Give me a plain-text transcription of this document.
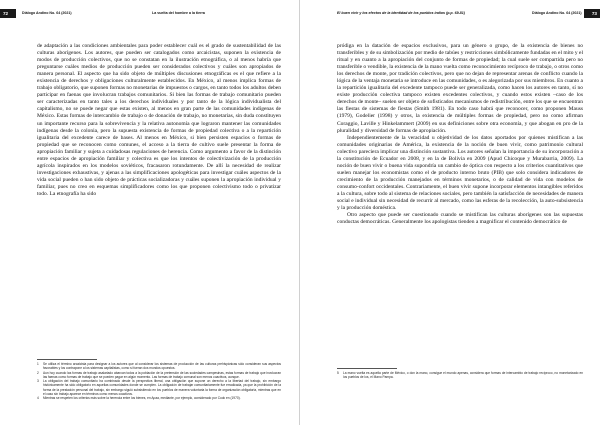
72	Diálogo Andino No. 64 (2021)	La vuelta del hombre a la tierra

de adaptación a las condiciones ambientales para poder establecer cuál es el grado de sustentabilidad de las culturas aborígenes. Los autores, que pueden ser catalogados como arcaicistas, suponen la existencia de modos de producción colectivos, que no se constatan en la ilustración etnográfica, o al menos habría que preguntarse cuáles medios de producción pueden ser considerados colectivos y cuáles son apropiados de manera personal. El aspecto que ha sido objeto de múltiples discusiones etnográficas es el que refiere a la existencia de derechos y obligaciones culturalmente establecidos. En México, al menos implica formas de trabajo obligatorio, que suponen formas no monetarias de impuestos o cargos, en tanto todos los adultos deben participar en faenas que involucran trabajos comunitarios. Si bien las formas de trabajo comunitario pueden ser caracterizadas en tanto tales a los derechos individuales y por tanto de la lógica individualista del capitalismo, no se puede negar que estas existen, al menos en gran parte de las comunidades indígenas de México. Estas formas de intercambio de trabajo o de donación de trabajo, no monetarias, sin duda constituyen un importante recurso para la sobrevivencia y la relativa autonomía que lograron mantener las comunidades indígenas desde la colonia, pero la supuesta existencia de formas de propiedad colectiva o a la repartición igualitaria del excedente carece de bases. Al menos en México, si bien persisten espacios o formas de propiedad que se reconocen como comunes, el acceso a la tierra de cultivo suele presentar la forma de apropiación familiar y sujeta a cuidadosas regulaciones de herencia. Como argumento a favor de la distinción entre espacios de apropiación familiar y colectiva es que los intentos de colectivización de la producción agrícola inspirados en los modelos soviéticos, fracasaron rotundamente. De allí la necesidad de realizar investigaciones exhaustivas, y ajenas a las simplificaciones apologéticas para investigar cuáles aspectos de la vida social pueden o han sido objeto de prácticas socializadoras y cuáles suponen la apropiación individual y familiar, pues no creo en esquemas simplificadores como los que proponen colectivismo todo o privatizar todo. La etnografía ha sido

1	Se utiliza el término arcaicista para designar a los autores que al considerar los sistemas de producción de las culturas prehispánicas sólo consideran sus aspectos favorables y los contrapone a los sistemas capitalistas, como si fueran dos mundos opuestos.
2	Aun hoy cuando las formas de trabajo asalariado abarcan todos a la población de la pretensión de las sociedades campesinas, estas formas de trabajo que involucran las faenas como formas de trabajo que se pueden pagar en algún momento. Las formas de trabajo comunal son menos coactivos, aunque.
3	La obligación del trabajo comunitario ha combinado desde la perspectiva liberal, una obligación que supone un derecho a la libertad del trabajo, sin embargo históricamente ha sido obligatorio en aquellas comunidades donde se cumplen. La obligación de trabajar comunitariamente fue erradicada, ya que la prohibición de la forma de la prestación personal del trabajo, sin embargo siguió subsistiendo en los pueblos de manera voluntaria la forma de organización obligatoria, mientras que en el caso sin trabajo aparece en términos como menos coactivos.
4	Mientras se respeten los criterios más sobre la herencia entre los bienes, en Apaa, mediante, por ejemplo, considerado por Cook en (1970).
El buen vivir y los efectos de la identidad de los pueblos indios (p.p. 69-81)	Diálogo Andino No. 64 (2021)	73

pródiga en la datación de espacios exclusivos, para un género o grupo, de la existencia de bienes no transferibles y de su simbolización por medio de tabúes y restricciones simbólicamente fundadas en el mito y el ritual y en cuanto a la apropiación del conjunto de formas de propiedad; la cual suele ser compartida pero no transferible o vendible, la existencia de la mano vuelta como reconocimiento recíproco de trabajo, o otros como los derechos de monte, por tradición colectivos, pero que no dejan de representar arenas de conflicto cuando la lógica de la ventaja monetaria se introduce en las comunidades, o es alegorizada por sus miembros. En cuanto a la repartición igualitaria del excedente tampoco puede ser generalizada, como hacen los autores en tanto, sí no existe producción colectiva tampoco existen excedentes colectivos, y cuando estos existen –caso de los derechos de monte– suelen ser objeto de sofisticados mecanismos de redistribución, entre los que se encuentran las fiestas de sistemas de fiestas (Smith 1981). En todo caso habrá que reconocer, como proponen Mauss (1979), Godelier (1998) y otros, la existencia de múltiples formas de propiedad, pero no como afirman Coraggio, Laville y Hinkelammert (2009) en sus definiciones sobre otra economía, y que abogan en pro de la pluralidad y diversidad de formas de apropiación.

Independientemente de la veracidad u objetividad de los datos aportados por quienes mistifican a las comunidades originarias de América, la existencia de la noción de buen vivir, como patrimonio cultural colectivo pareciera implicar una distinción sustantiva. Los autores señalan la importancia de su incorporación a la constitución de Ecuador en 2008, y en la de Bolivia en 2009 (Apud Chicoque y Murabarria, 2009). La noción de buen vivir o buena vida supondría un cambio de óptica con respecto a los criterios cuantitativos que suelen manejar los economistas como el de producto interno bruto (PIB) que solo considera indicadores de crecimiento de la producción manejados en términos monetarios, o de calidad de vida con modelos de consumo-confort occidentales. Contrariamente, el buen vivir supone incorporar elementos intangibles referidos a la cultura, sobre todo al sistema de relaciones sociales, pero también la satisfacción de necesidades de manera social e individual sin necesidad de recurrir al mercado, como las esferas de la recolección, la auto-subsistencia y la producción doméstica.

Otro aspecto que puede ser cuestionado cuando se mistifican las culturas aborígenes son las supuestas conductas democráticas. Generalmente los apologistas tienden a magnificar el contenido democrático de

5	La mano vuelta es aquella parte de México, o don la mano, consigue el mundo apenas, considera que formas de intercambio de trabajo recíproco, no monetarizado en los pueblos de los, el Mano Pampa.
